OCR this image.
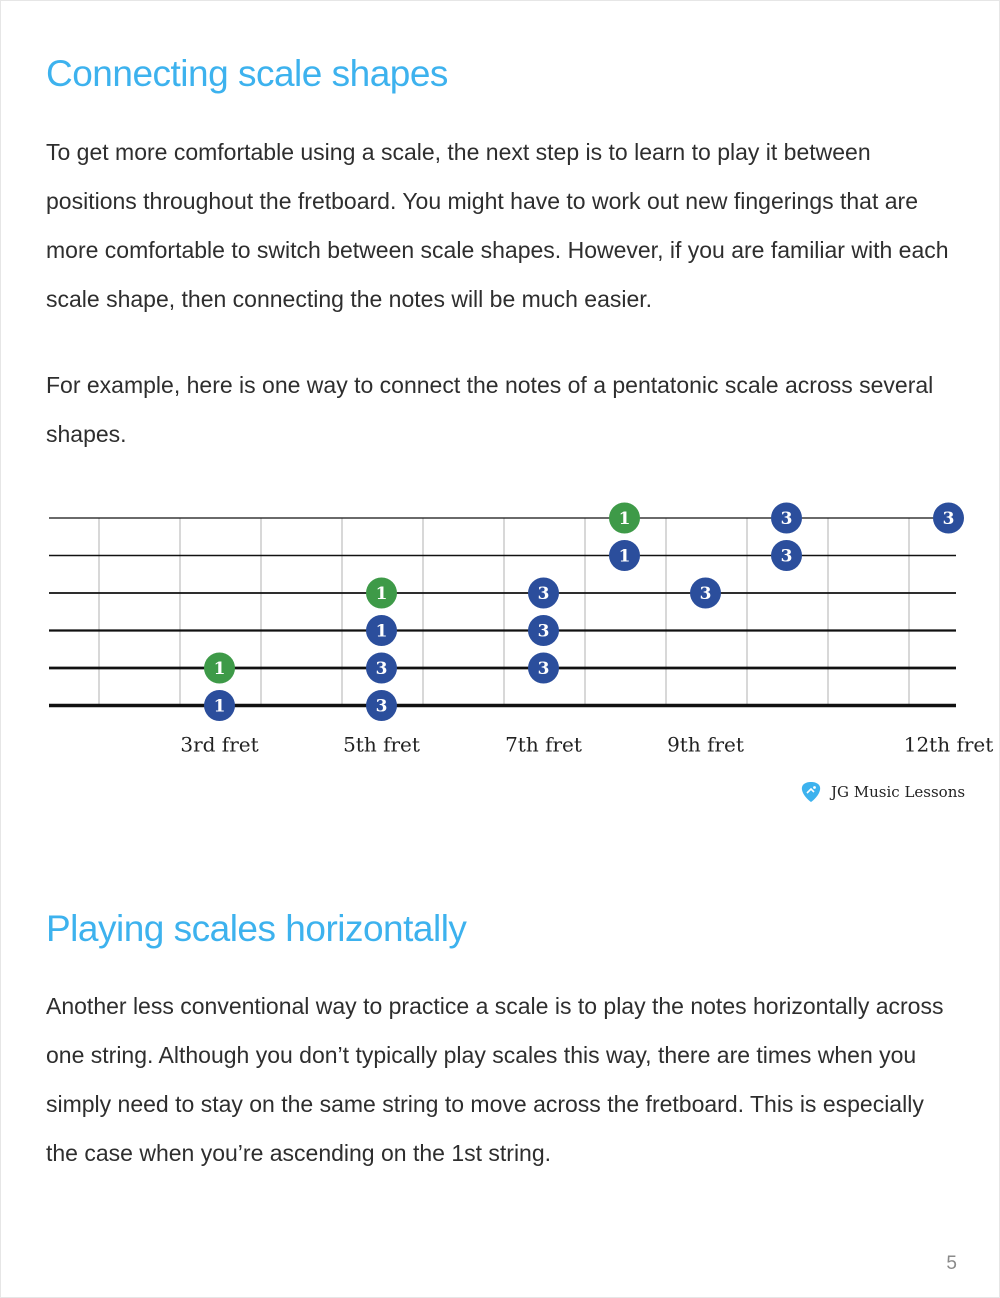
Connecting scale shapes

To get more comfortable using a scale, the next step is to learn to play it between positions throughout the fretboard. You might have to work out new fingerings that are more comfortable to switch between scale shapes. However, if you are familiar with each scale shape, then connecting the notes will be much easier.

For example, here is one way to connect the notes of a pentatonic scale across several shapes.

1
1
3
3
1
1
3
3
3
1
1
3
3
3	3
3rd fret	5th fret	7th fret	9th fret	12th fret
JG Music Lessons
Playing scales horizontally

Another less conventional way to practice a scale is to play the notes horizontally across one string. Although you don’t typically play scales this way, there are times when you simply need to stay on the same string to move across the fretboard. This is especially the case when you’re ascending on the 1st string.

5
